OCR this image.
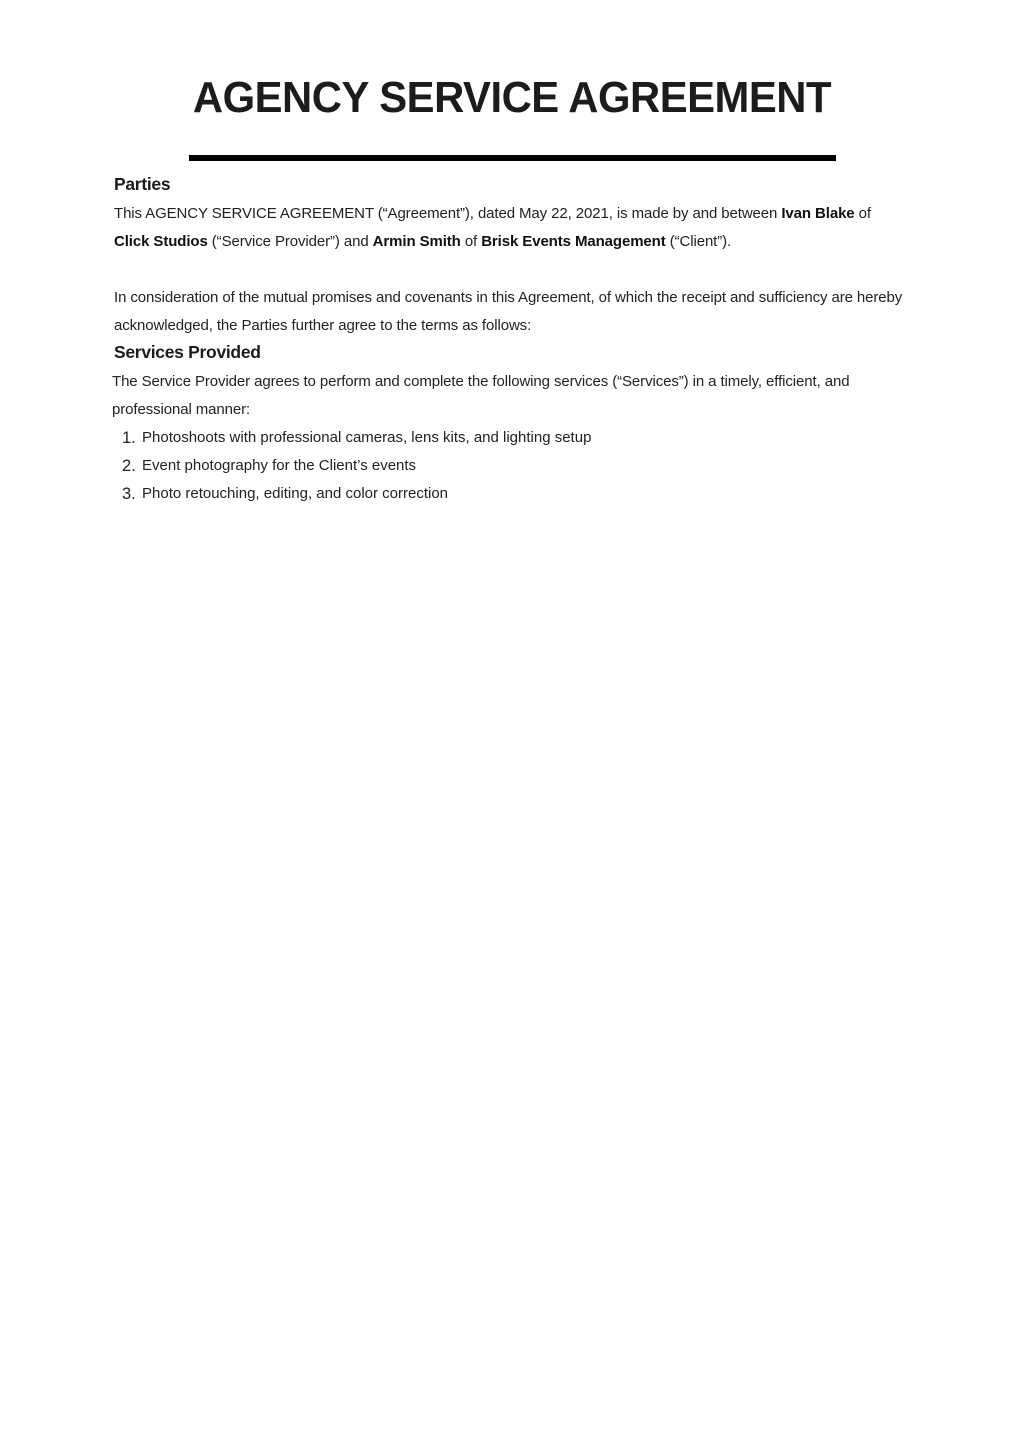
AGENCY SERVICE AGREEMENT
Parties
This AGENCY SERVICE AGREEMENT (“Agreement”), dated May 22, 2021, is made by and between Ivan Blake of
Click Studios (“Service Provider”) and Armin Smith of Brisk Events Management (“Client”).
In consideration of the mutual promises and covenants in this Agreement, of which the receipt and sufficiency are hereby acknowledged, the Parties further agree to the terms as follows:
Services Provided
The Service Provider agrees to perform and complete the following services (“Services”) in a timely, efficient, and professional manner:
1. Photoshoots with professional cameras, lens kits, and lighting setup
2. Event photography for the Client’s events
3. Photo retouching, editing, and color correction
